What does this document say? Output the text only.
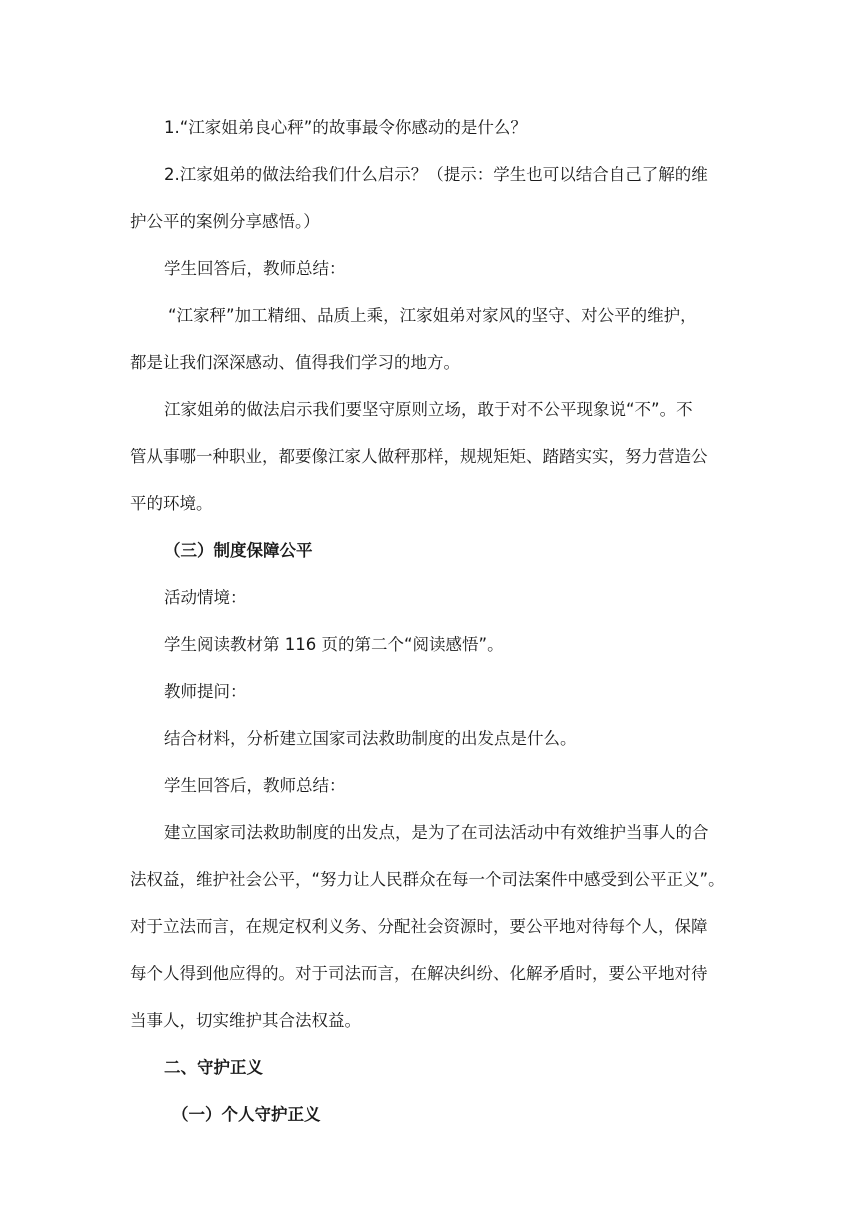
1.“江家姐弟良心秤”的故事最令你感动的是什么？
2.江家姐弟的做法给我们什么启示？（提示：学生也可以结合自己了解的维
护公平的案例分享感悟。）
学生回答后，教师总结：
“江家秤”加工精细、品质上乘，江家姐弟对家风的坚守、对公平的维护，
都是让我们深深感动、值得我们学习的地方。
江家姐弟的做法启示我们要坚守原则立场，敢于对不公平现象说“不”。不
管从事哪一种职业，都要像江家人做秤那样，规规矩矩、踏踏实实，努力营造公
平的环境。
（三）制度保障公平
活动情境：
学生阅读教材第 116 页的第二个“阅读感悟”。
教师提问：
结合材料，分析建立国家司法救助制度的出发点是什么。
学生回答后，教师总结：
建立国家司法救助制度的出发点，是为了在司法活动中有效维护当事人的合
法权益，维护社会公平，“努力让人民群众在每一个司法案件中感受到公平正义”。
对于立法而言，在规定权利义务、分配社会资源时，要公平地对待每个人，保障
每个人得到他应得的。对于司法而言，在解决纠纷、化解矛盾时，要公平地对待
当事人，切实维护其合法权益。
二、守护正义
（一）个人守护正义
